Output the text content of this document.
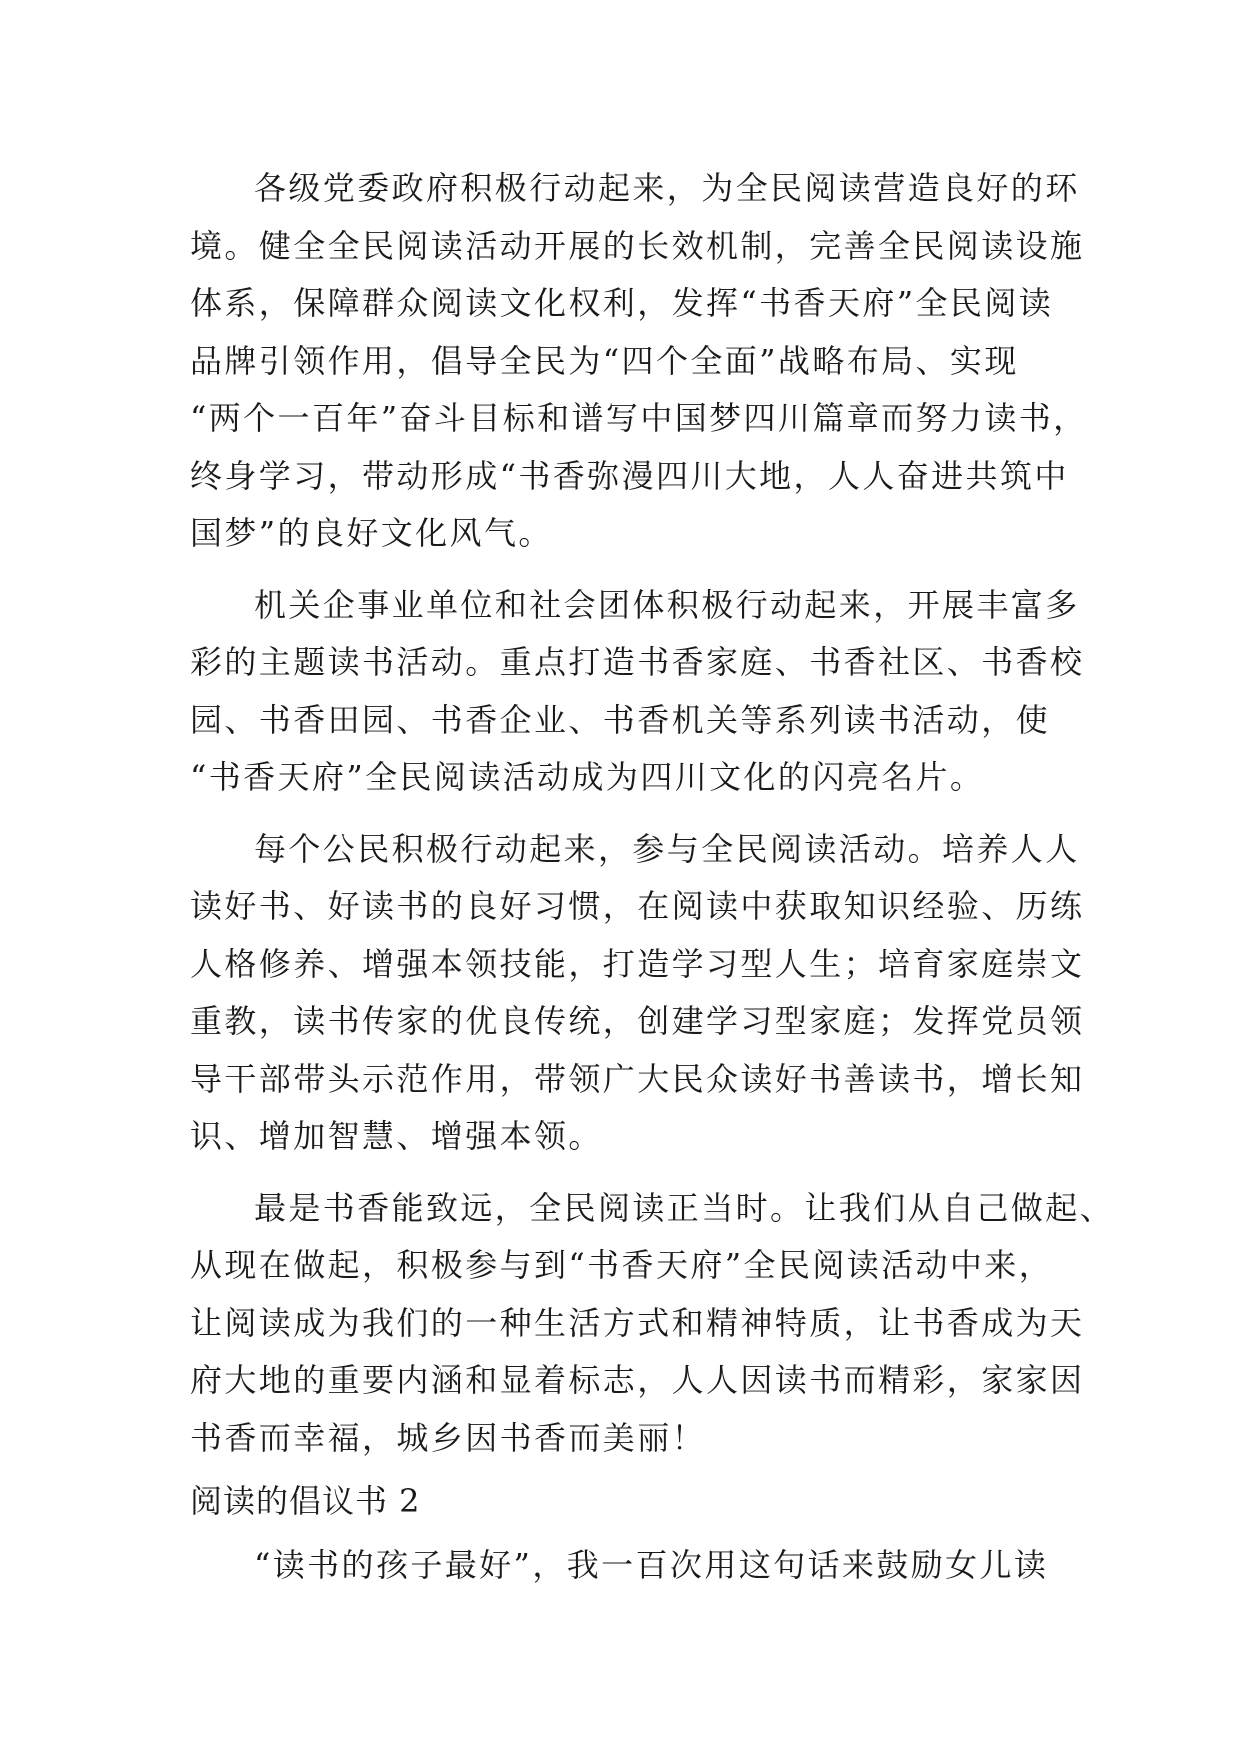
各级党委政府积极行动起来，为全民阅读营造良好的环

境。健全全民阅读活动开展的长效机制，完善全民阅读设施

体系，保障群众阅读文化权利，发挥“书香天府”全民阅读

品牌引领作用，倡导全民为“四个全面”战略布局、实现

“两个一百年”奋斗目标和谱写中国梦四川篇章而努力读书，

终身学习，带动形成“书香弥漫四川大地，人人奋进共筑中

国梦”的良好文化风气。

机关企事业单位和社会团体积极行动起来，开展丰富多

彩的主题读书活动。重点打造书香家庭、书香社区、书香校

园、书香田园、书香企业、书香机关等系列读书活动，使

“书香天府”全民阅读活动成为四川文化的闪亮名片。

每个公民积极行动起来，参与全民阅读活动。培养人人

读好书、好读书的良好习惯，在阅读中获取知识经验、历练

人格修养、增强本领技能，打造学习型人生；培育家庭崇文

重教，读书传家的优良传统，创建学习型家庭；发挥党员领

导干部带头示范作用，带领广大民众读好书善读书，增长知

识、增加智慧、增强本领。

最是书香能致远，全民阅读正当时。让我们从自己做起、

从现在做起，积极参与到“书香天府”全民阅读活动中来，

让阅读成为我们的一种生活方式和精神特质，让书香成为天

府大地的重要内涵和显着标志，人人因读书而精彩，家家因

书香而幸福，城乡因书香而美丽！

阅读的倡议书 2

“读书的孩子最好”，我一百次用这句话来鼓励女儿读
